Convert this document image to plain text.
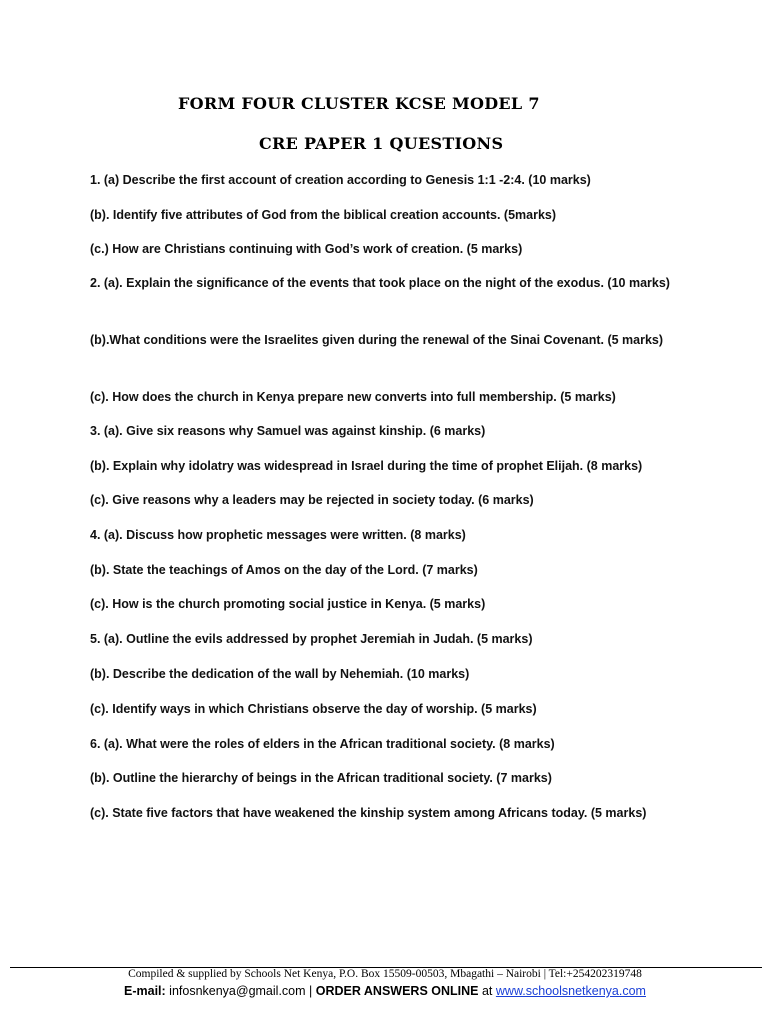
FORM FOUR CLUSTER KCSE MODEL 7
CRE PAPER 1 QUESTIONS
1. (a) Describe the first account of creation according to Genesis 1:1 -2:4. (10 marks)
(b). Identify five attributes of God from the biblical creation accounts. (5marks)
(c.) How are Christians continuing with God’s work of creation. (5 marks)
2. (a). Explain the significance of the events that took place on the night of the exodus. (10 marks)
(b).What conditions were the Israelites given during the renewal of the Sinai Covenant. (5 marks)
(c). How does the church in Kenya prepare new converts into full membership. (5 marks)
3. (a). Give six reasons why Samuel was against kinship. (6 marks)
(b). Explain why idolatry was widespread in Israel during the time of prophet Elijah. (8 marks)
(c). Give reasons why a leaders may be rejected in society today. (6 marks)
4. (a). Discuss how prophetic messages were written. (8 marks)
(b). State the teachings of Amos on the day of the Lord. (7 marks)
(c). How is the church promoting social justice in Kenya. (5 marks)
5. (a). Outline the evils addressed by prophet Jeremiah in Judah. (5 marks)
(b). Describe the dedication of the wall by Nehemiah. (10 marks)
(c). Identify ways in which Christians observe the day of worship. (5 marks)
6. (a). What were the roles of elders in the African traditional society. (8 marks)
(b). Outline the hierarchy of beings in the African traditional society. (7 marks)
(c). State five factors that have weakened the kinship system among Africans today. (5 marks)
Compiled & supplied by Schools Net Kenya, P.O. Box 15509-00503, Mbagathi – Nairobi | Tel:+254202319748
E-mail: infosnkenya@gmail.com | ORDER ANSWERS ONLINE at www.schoolsnetkenya.com
